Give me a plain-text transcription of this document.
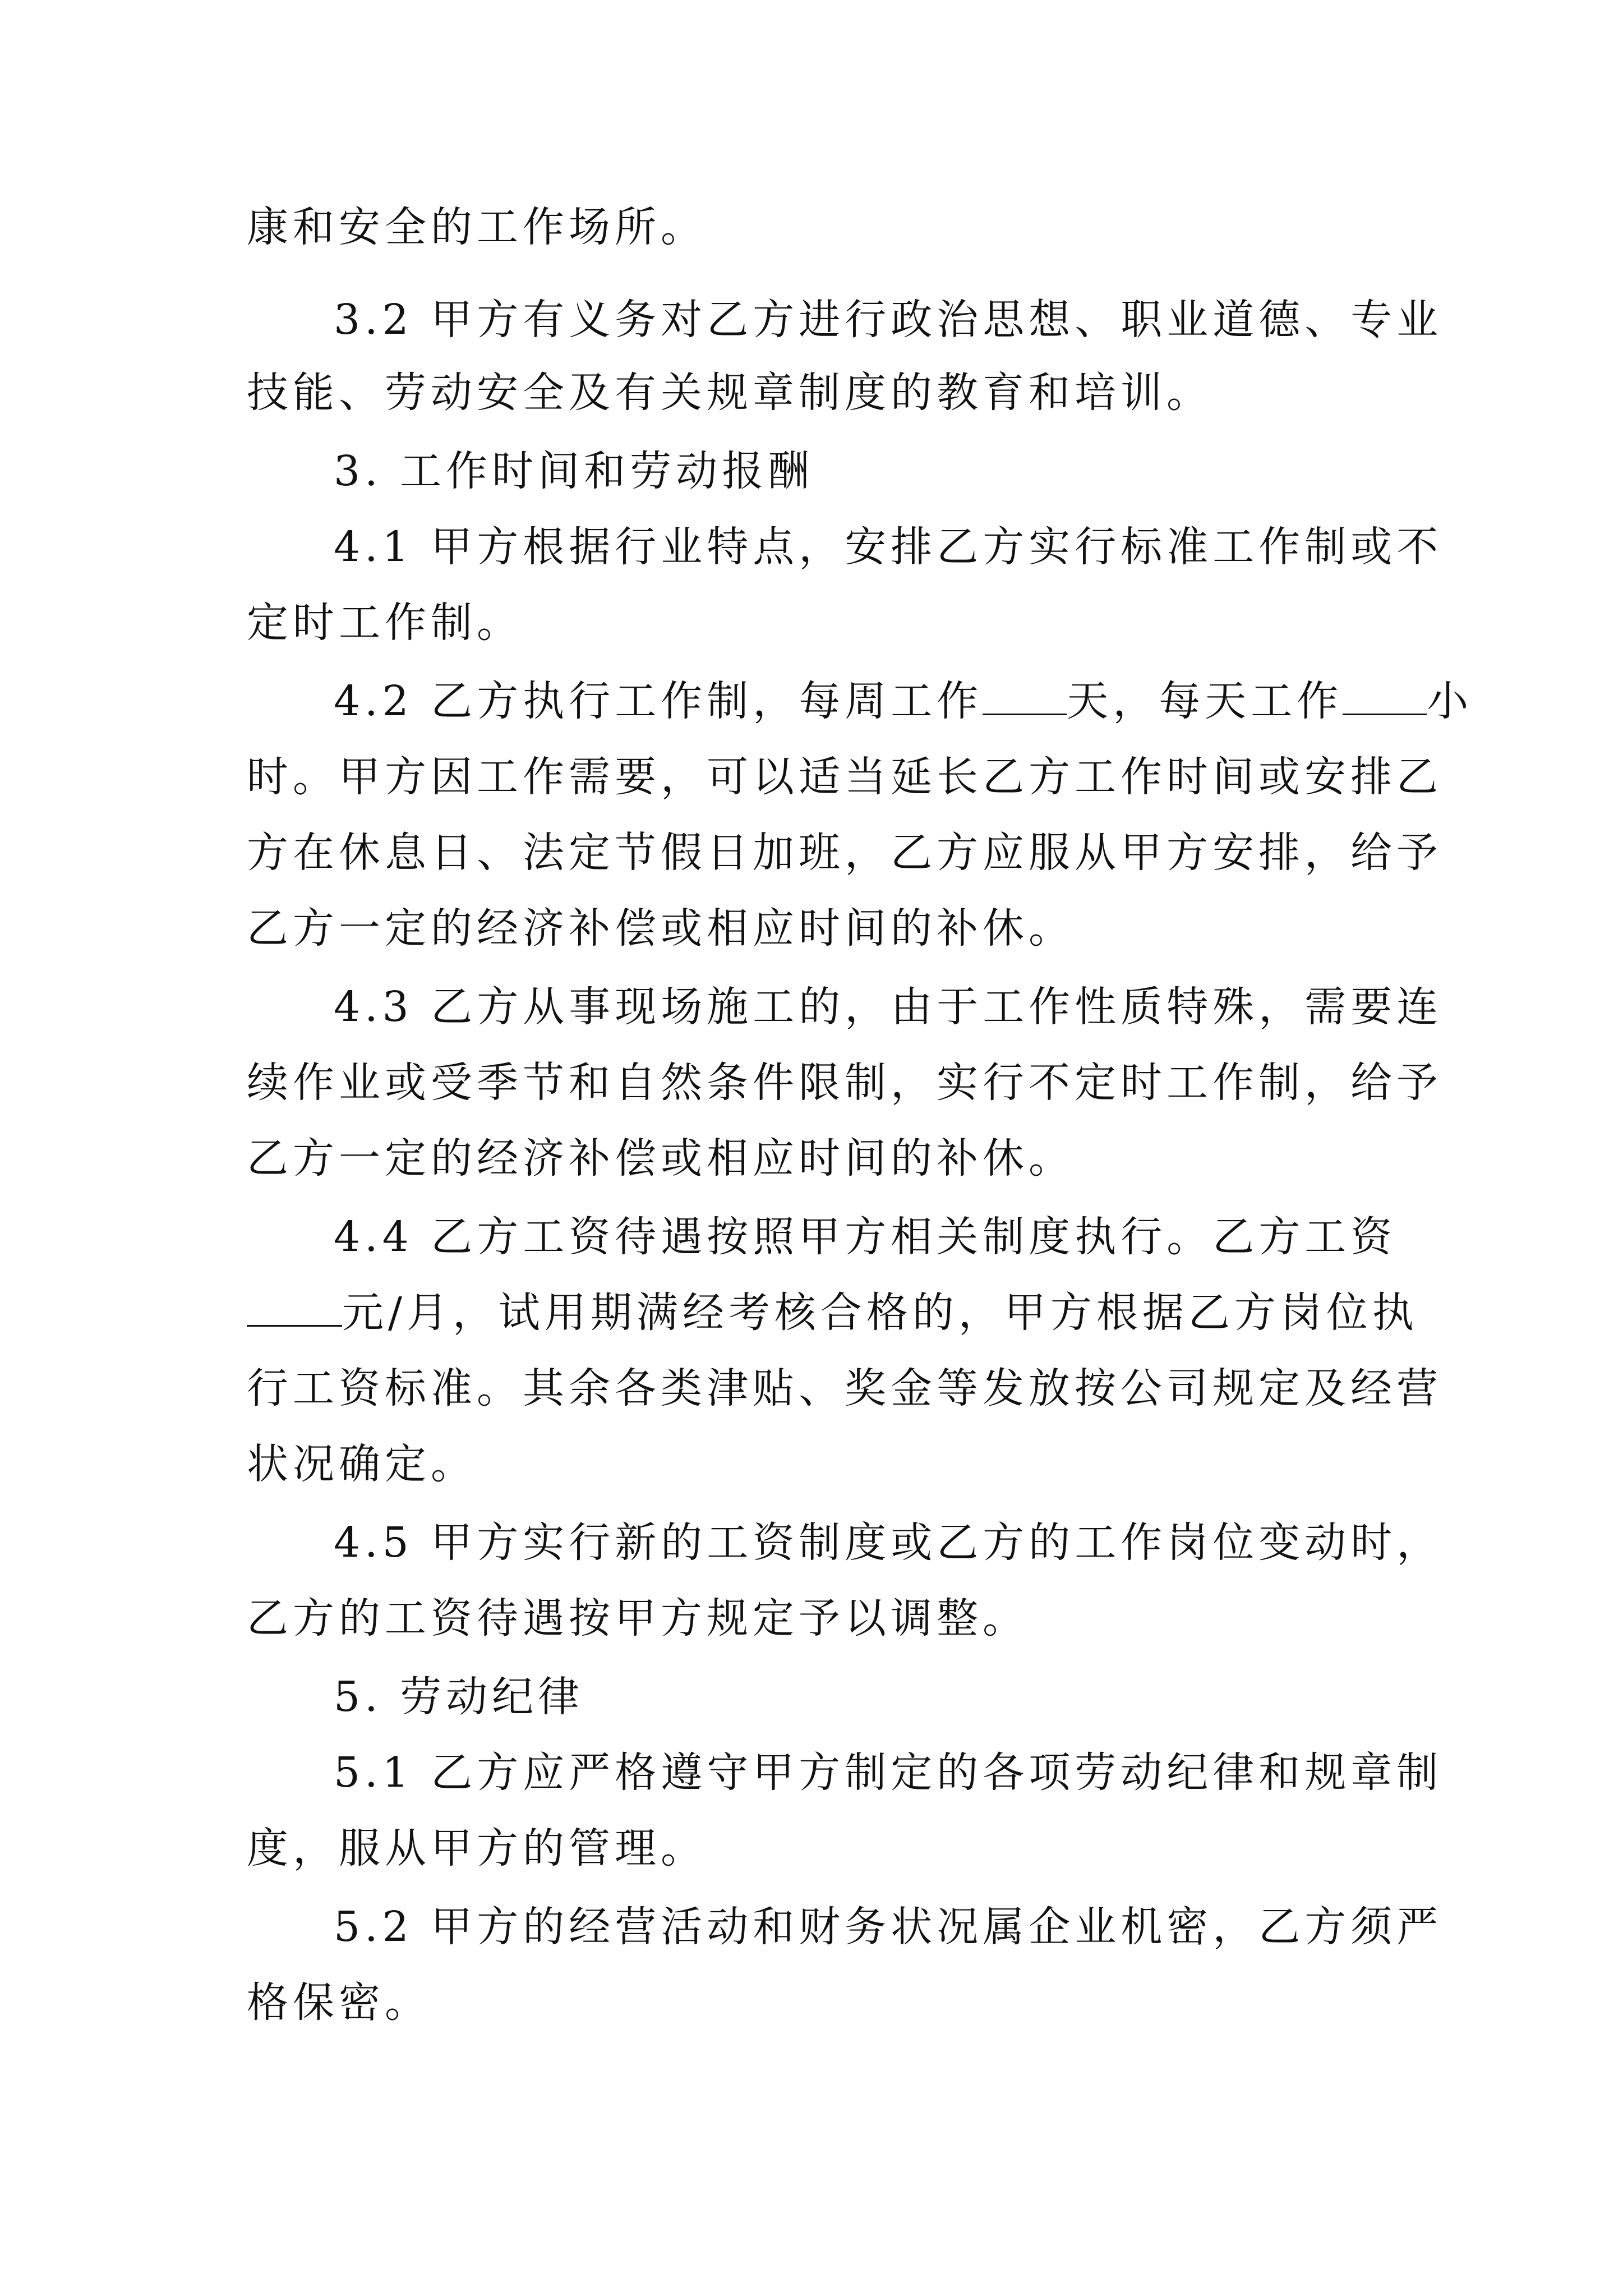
康和安全的工作场所。
3.2 甲方有义务对乙方进行政治思想、职业道德、专业
技能、劳动安全及有关规章制度的教育和培训。
3. 工作时间和劳动报酬
4.1 甲方根据行业特点，安排乙方实行标准工作制或不
定时工作制。
4.2 乙方执行工作制，每周工作 天，每天工作 小
时。甲方因工作需要，可以适当延长乙方工作时间或安排乙
方在休息日、法定节假日加班，乙方应服从甲方安排，给予
乙方一定的经济补偿或相应时间的补休。
4.3 乙方从事现场施工的，由于工作性质特殊，需要连
续作业或受季节和自然条件限制，实行不定时工作制，给予
乙方一定的经济补偿或相应时间的补休。
4.4 乙方工资待遇按照甲方相关制度执行。乙方工资
元/月，试用期满经考核合格的，甲方根据乙方岗位执
行工资标准。其余各类津贴、奖金等发放按公司规定及经营
状况确定。
4.5 甲方实行新的工资制度或乙方的工作岗位变动时，
乙方的工资待遇按甲方规定予以调整。
5. 劳动纪律
5.1 乙方应严格遵守甲方制定的各项劳动纪律和规章制
度，服从甲方的管理。
5.2 甲方的经营活动和财务状况属企业机密，乙方须严
格保密。
